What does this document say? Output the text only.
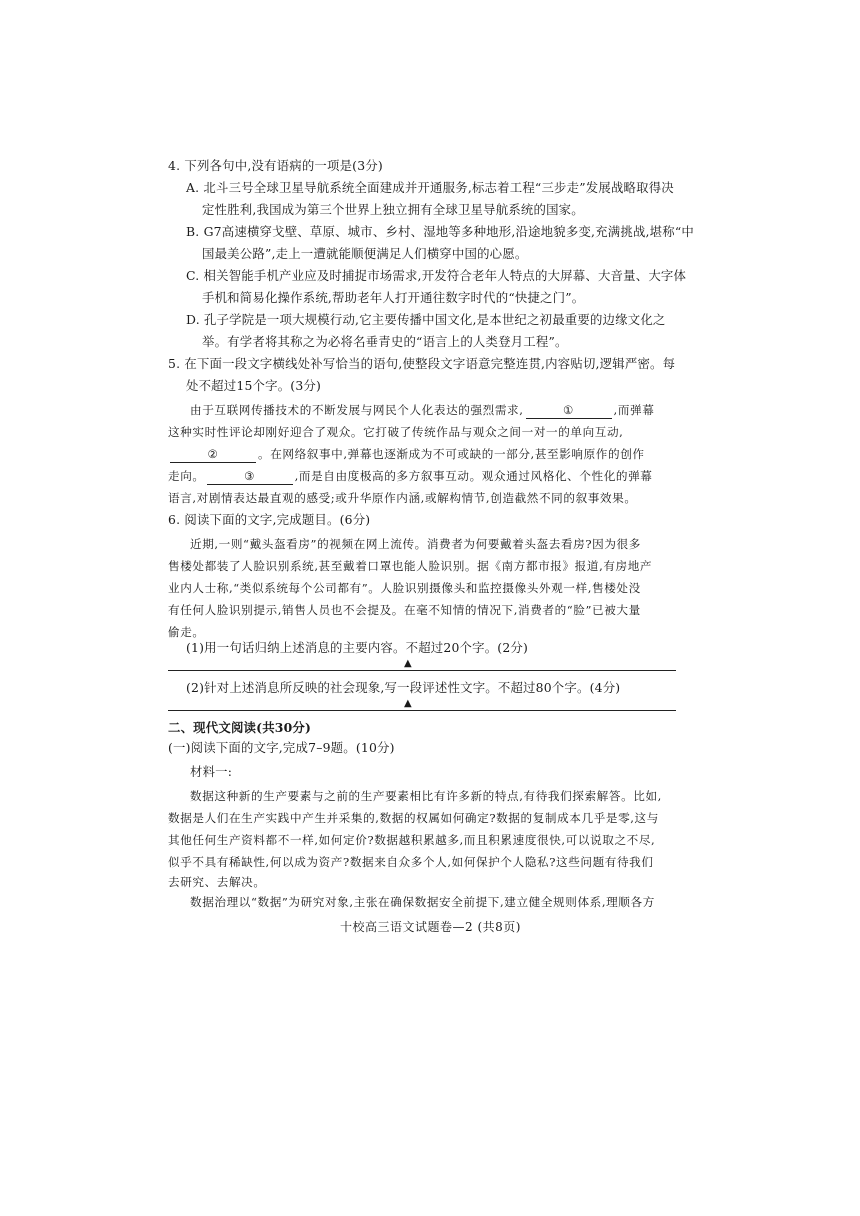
4. 下列各句中,没有语病的一项是(3分)
A. 北斗三号全球卫星导航系统全面建成并开通服务,标志着工程“三步走”发展战略取得决
定性胜利,我国成为第三个世界上独立拥有全球卫星导航系统的国家。
B. G7高速横穿戈壁、草原、城市、乡村、湿地等多种地形,沿途地貌多变,充满挑战,堪称“中
国最美公路”,走上一遭就能顺便满足人们横穿中国的心愿。
C. 相关智能手机产业应及时捕捉市场需求,开发符合老年人特点的大屏幕、大音量、大字体
手机和简易化操作系统,帮助老年人打开通往数字时代的“快捷之门”。
D. 孔子学院是一项大规模行动,它主要传播中国文化,是本世纪之初最重要的边缘文化之
举。有学者将其称之为必将名垂青史的“语言上的人类登月工程”。
5. 在下面一段文字横线处补写恰当的语句,使整段文字语意完整连贯,内容贴切,逻辑严密。每
处不超过15个字。(3分)
由于互联网传播技术的不断发展与网民个人化表达的强烈需求,	①	,而弹幕
这种实时性评论却刚好迎合了观众。它打破了传统作品与观众之间一对一的单向互动,
②	。在网络叙事中,弹幕也逐渐成为不可或缺的一部分,甚至影响原作的创作
走向。	③	,而是自由度极高的多方叙事互动。观众通过风格化、个性化的弹幕
语言,对剧情表达最直观的感受;或升华原作内涵,或解构情节,创造截然不同的叙事效果。
6. 阅读下面的文字,完成题目。(6分)
近期,一则“戴头盔看房”的视频在网上流传。消费者为何要戴着头盔去看房?因为很多
售楼处都装了人脸识别系统,甚至戴着口罩也能人脸识别。据《南方都市报》报道,有房地产
业内人士称,“类似系统每个公司都有”。人脸识别摄像头和监控摄像头外观一样,售楼处没
有任何人脸识别提示,销售人员也不会提及。在毫不知情的情况下,消费者的“脸”已被大量
偷走。
(1)用一句话归纳上述消息的主要内容。不超过20个字。(2分)
▲
(2)针对上述消息所反映的社会现象,写一段评述性文字。不超过80个字。(4分)
▲
二、现代文阅读(共30分)
(一)阅读下面的文字,完成7–9题。(10分)
材料一:
数据这种新的生产要素与之前的生产要素相比有许多新的特点,有待我们探索解答。比如,
数据是人们在生产实践中产生并采集的,数据的权属如何确定?数据的复制成本几乎是零,这与
其他任何生产资料都不一样,如何定价?数据越积累越多,而且积累速度很快,可以说取之不尽,
似乎不具有稀缺性,何以成为资产?数据来自众多个人,如何保护个人隐私?这些问题有待我们
去研究、去解决。
数据治理以“数据”为研究对象,主张在确保数据安全前提下,建立健全规则体系,理顺各方
十校高三语文试题卷—2 (共8页)
